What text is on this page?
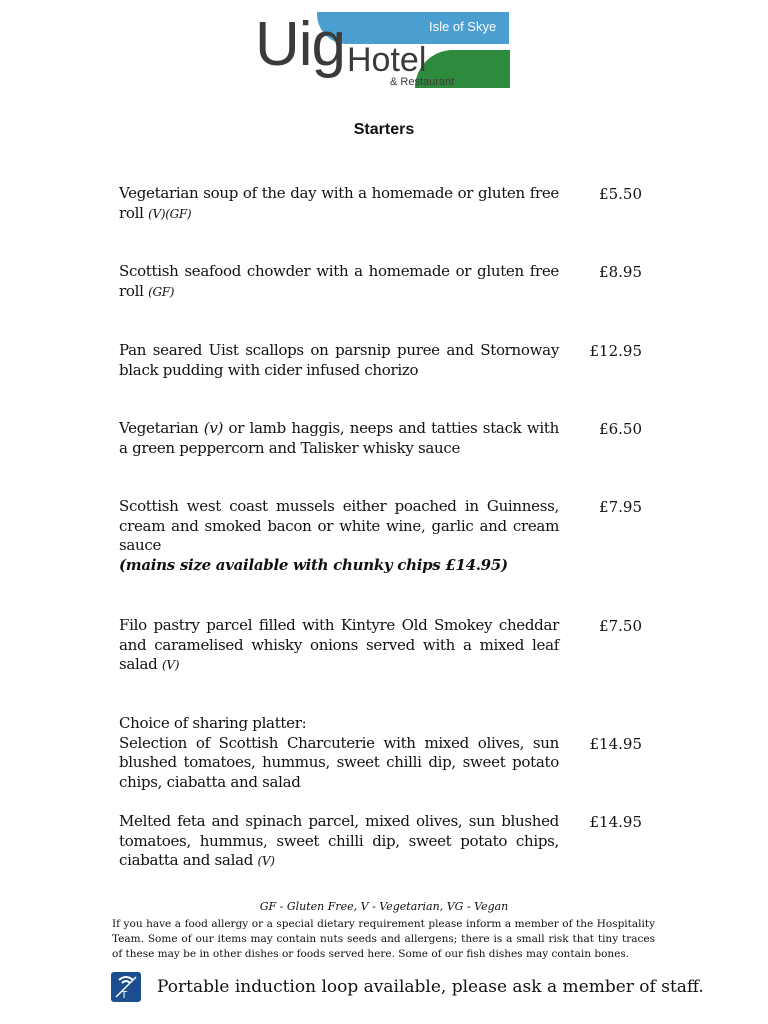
Uig Hotel
Isle of Skye
& Restaurant
Starters
Vegetarian soup of the day with a homemade or gluten free roll (V)(GF)
£5.50
Scottish seafood chowder with a homemade or gluten free roll (GF)
£8.95
Pan seared Uist scallops on parsnip puree and Stornoway black pudding with cider infused chorizo
£12.95
Vegetarian (v) or lamb haggis, neeps and tatties stack with a green peppercorn and Talisker whisky sauce
£6.50
Scottish west coast mussels either poached in Guinness, cream and smoked bacon or white wine, garlic and cream sauce
(mains size available with chunky chips £14.95)
£7.95
Filo pastry parcel filled with Kintyre Old Smokey cheddar and caramelised whisky onions served with a mixed leaf salad (V)
£7.50
Choice of sharing platter:
Selection of Scottish Charcuterie with mixed olives, sun blushed tomatoes, hummus, sweet chilli dip, sweet potato chips, ciabatta and salad
£14.95
Melted feta and spinach parcel, mixed olives, sun blushed tomatoes, hummus, sweet chilli dip, sweet potato chips, ciabatta and salad (V)
£14.95
GF - Gluten Free, V - Vegetarian, VG - Vegan
If you have a food allergy or a special dietary requirement please inform a member of the Hospitality Team. Some of our items may contain nuts seeds and allergens; there is a small risk that tiny traces of these may be in other dishes or foods served here. Some of our fish dishes may contain bones.
T Portable induction loop available, please ask a member of staff.
